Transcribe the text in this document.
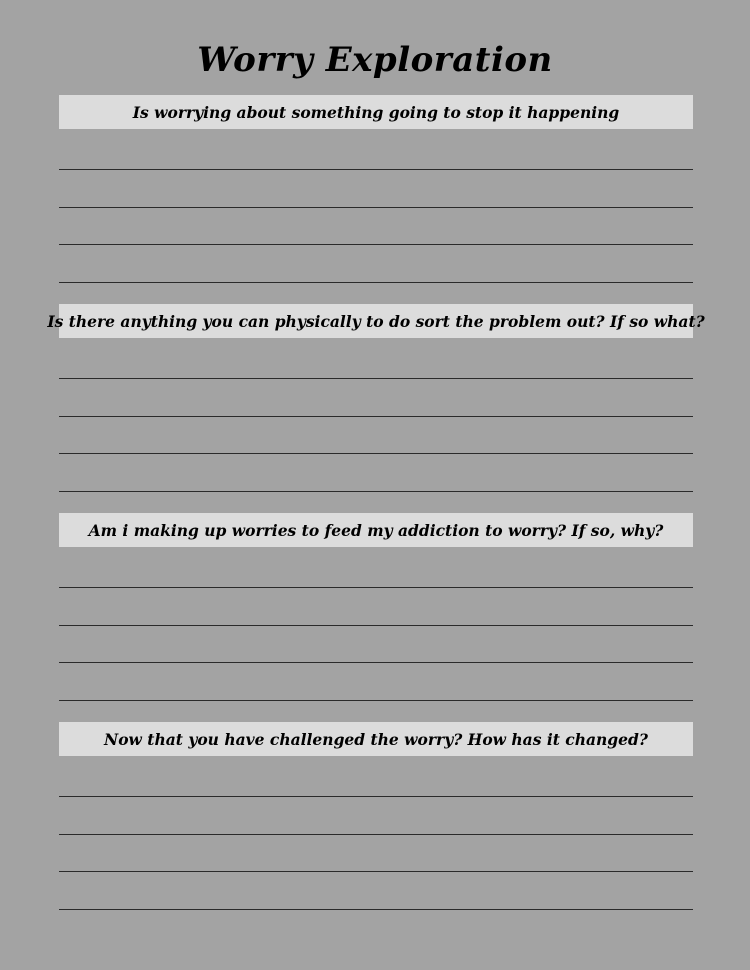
Worry Exploration
Is worrying about something going to stop it happening
Is there anything you can physically to do sort the problem out? If so what?
Am i making up worries to feed my addiction to worry? If so, why?
Now that you have challenged the worry? How has it changed?
